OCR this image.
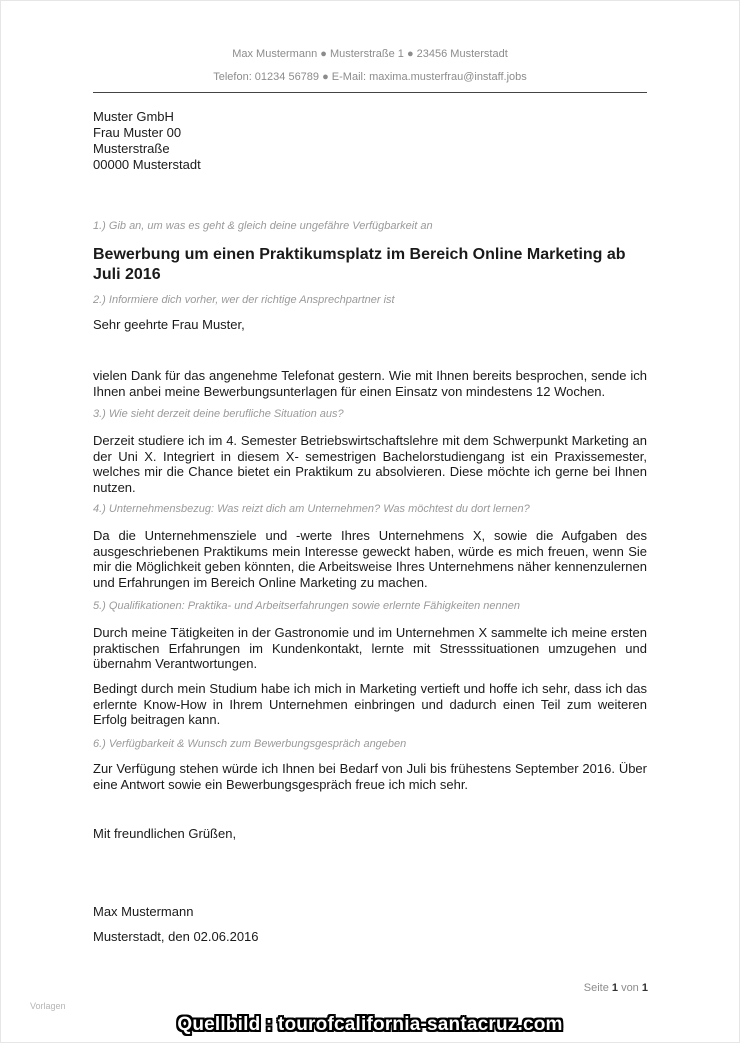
Max Mustermann ● Musterstraße 1 ● 23456 Musterstadt
Telefon: 01234 56789 ● E-Mail: maxima.musterfrau@instaff.jobs
Muster GmbH
Frau Muster 00
Musterstraße
00000 Musterstadt
1.) Gib an, um was es geht & gleich deine ungefähre Verfügbarkeit an
Bewerbung um einen Praktikumsplatz im Bereich Online Marketing ab Juli 2016
2.) Informiere dich vorher, wer der richtige Ansprechpartner ist
Sehr geehrte Frau Muster,

vielen Dank für das angenehme Telefonat gestern. Wie mit Ihnen bereits besprochen, sende ich Ihnen anbei meine Bewerbungsunterlagen für einen Einsatz von mindestens 12 Wochen.

3.) Wie sieht derzeit deine berufliche Situation aus?

Derzeit studiere ich im 4. Semester Betriebswirtschaftslehre mit dem Schwerpunkt Marketing an der Uni X. Integriert in diesem X- semestrigen Bachelorstudiengang ist ein Praxissemester, welches mir die Chance bietet ein Praktikum zu absolvieren. Diese möchte ich gerne bei Ihnen nutzen.

4.) Unternehmensbezug: Was reizt dich am Unternehmen? Was möchtest du dort lernen?

Da die Unternehmensziele und -werte Ihres Unternehmens X, sowie die Aufgaben des ausgeschriebenen Praktikums mein Interesse geweckt haben, würde es mich freuen, wenn Sie mir die Möglichkeit geben könnten, die Arbeitsweise Ihres Unternehmens näher kennenzulernen und Erfahrungen im Bereich Online Marketing zu machen.

5.) Qualifikationen: Praktika- und Arbeitserfahrungen sowie erlernte Fähigkeiten nennen

Durch meine Tätigkeiten in der Gastronomie und im Unternehmen X sammelte ich meine ersten praktischen Erfahrungen im Kundenkontakt, lernte mit Stresssituationen umzugehen und übernahm Verantwortungen.

Bedingt durch mein Studium habe ich mich in Marketing vertieft und hoffe ich sehr, dass ich das erlernte Know-How in Ihrem Unternehmen einbringen und dadurch einen Teil zum weiteren Erfolg beitragen kann.

6.) Verfügbarkeit & Wunsch zum Bewerbungsgespräch angeben

Zur Verfügung stehen würde ich Ihnen bei Bedarf von Juli bis frühestens September 2016. Über eine Antwort sowie ein Bewerbungsgespräch freue ich mich sehr.

Mit freundlichen Grüßen,
Max Mustermann
Musterstadt, den 02.06.2016
Seite 1 von 1
Vorlagen
Quellbild : tourofcalifornia-santacruz.com
